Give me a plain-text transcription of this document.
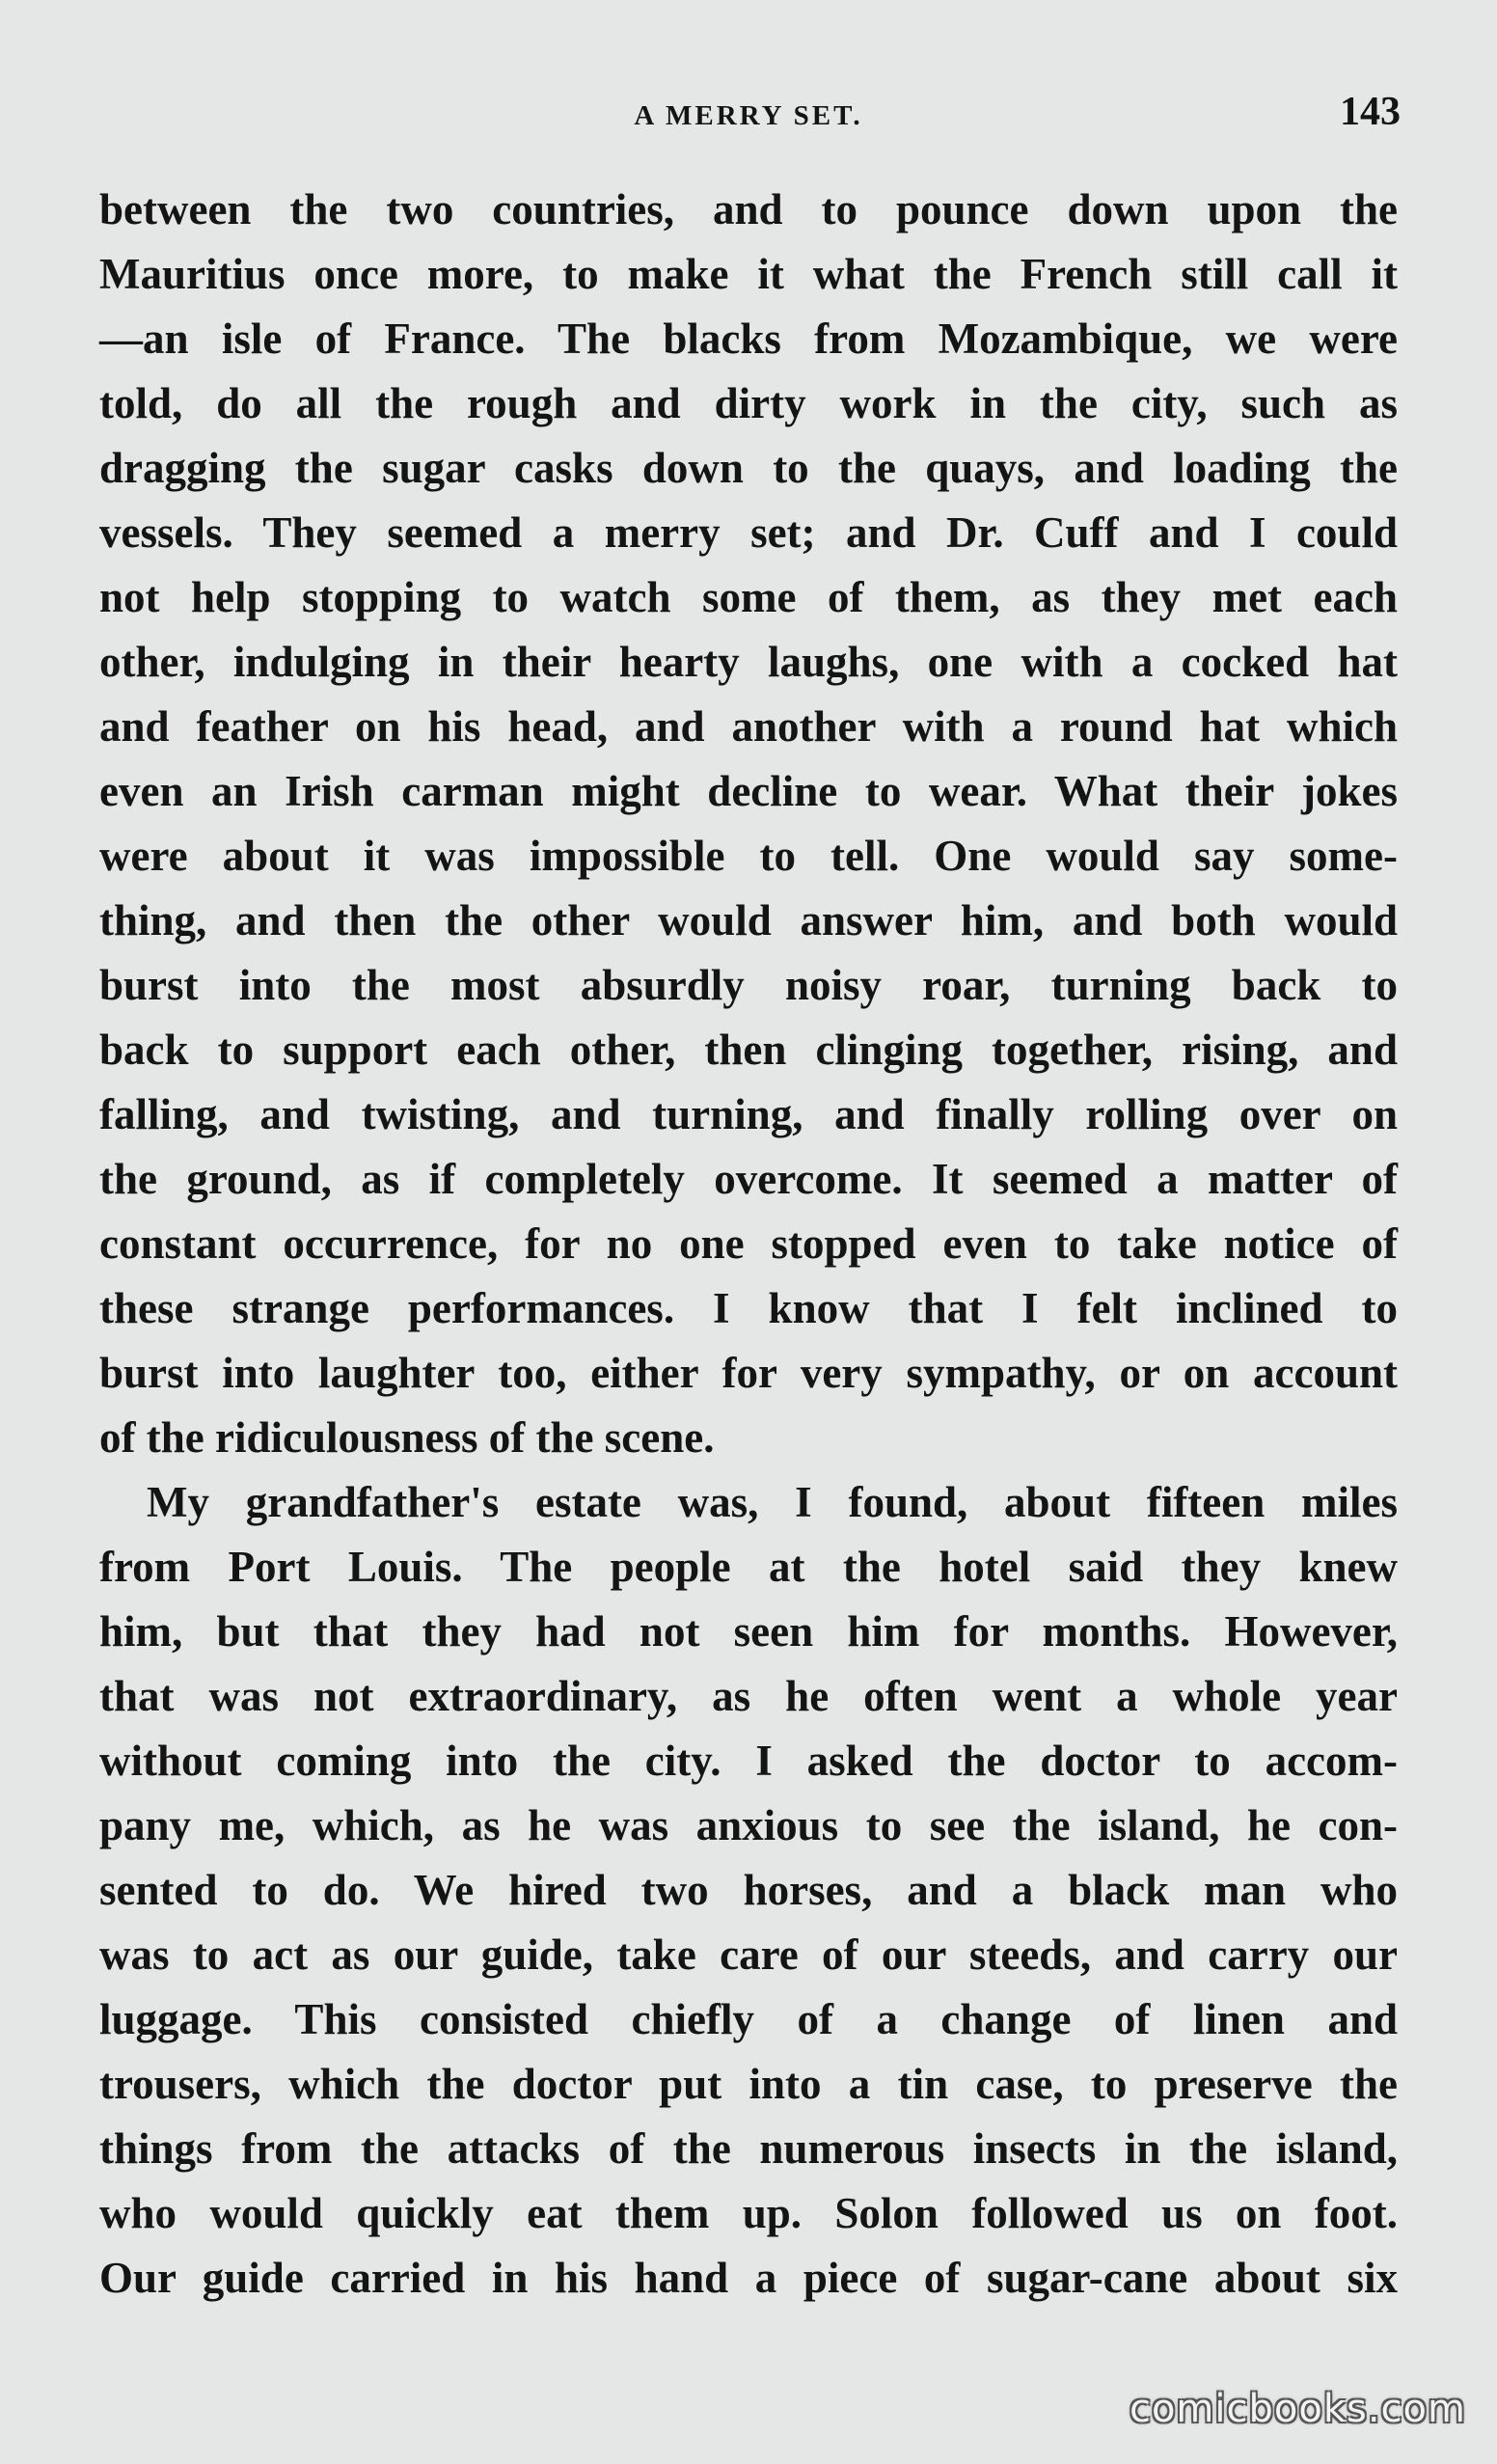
A MERRY SET.	143
between the two countries, and to pounce down upon the
Mauritius once more, to make it what the French still call it
—an isle of France. The blacks from Mozambique, we were
told, do all the rough and dirty work in the city, such as
dragging the sugar casks down to the quays, and loading the
vessels. They seemed a merry set; and Dr. Cuff and I could
not help stopping to watch some of them, as they met each
other, indulging in their hearty laughs, one with a cocked hat
and feather on his head, and another with a round hat which
even an Irish carman might decline to wear. What their jokes
were about it was impossible to tell. One would say some-
thing, and then the other would answer him, and both would
burst into the most absurdly noisy roar, turning back to
back to support each other, then clinging together, rising, and
falling, and twisting, and turning, and finally rolling over on
the ground, as if completely overcome. It seemed a matter of
constant occurrence, for no one stopped even to take notice of
these strange performances. I know that I felt inclined to
burst into laughter too, either for very sympathy, or on account
of the ridiculousness of the scene.
My grandfather's estate was, I found, about fifteen miles
from Port Louis. The people at the hotel said they knew
him, but that they had not seen him for months. However,
that was not extraordinary, as he often went a whole year
without coming into the city. I asked the doctor to accom-
pany me, which, as he was anxious to see the island, he con-
sented to do. We hired two horses, and a black man who
was to act as our guide, take care of our steeds, and carry our
luggage. This consisted chiefly of a change of linen and
trousers, which the doctor put into a tin case, to preserve the
things from the attacks of the numerous insects in the island,
who would quickly eat them up. Solon followed us on foot.
Our guide carried in his hand a piece of sugar-cane about six
comicbooks.com
